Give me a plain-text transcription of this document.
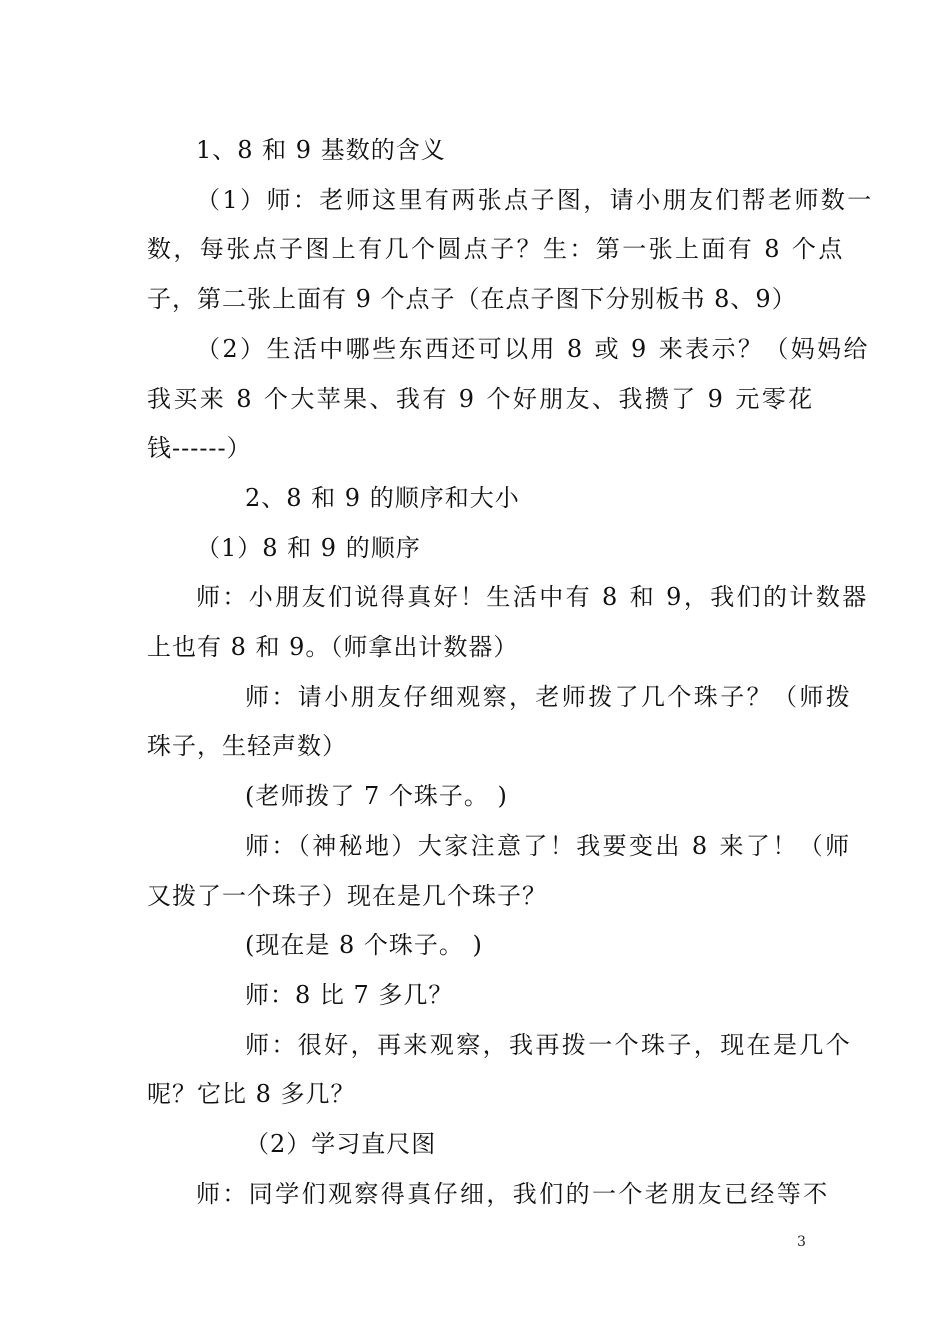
1、8 和 9 基数的含义
（1）师：老师这里有两张点子图，请小朋友们帮老师数一
数，每张点子图上有几个圆点子？生：第一张上面有 8 个点
子，第二张上面有 9 个点子（在点子图下分别板书 8、9）
（2）生活中哪些东西还可以用 8 或 9 来表示？（妈妈给
我买来 8 个大苹果、我有 9 个好朋友、我攒了 9 元零花
钱------）
2、8 和 9 的顺序和大小
（1）8 和 9 的顺序
师：小朋友们说得真好！生活中有 8 和 9，我们的计数器
上也有 8 和 9。（师拿出计数器）
师：请小朋友仔细观察，老师拨了几个珠子？（师拨
珠子，生轻声数）
(老师拨了 7 个珠子。 )
师：（神秘地）大家注意了！我要变出 8 来了！（师
又拨了一个珠子）现在是几个珠子？
(现在是 8 个珠子。 )
师：8 比 7 多几？
师：很好，再来观察，我再拨一个珠子，现在是几个
呢？它比 8 多几？
（2）学习直尺图
师：同学们观察得真仔细，我们的一个老朋友已经等不
3
